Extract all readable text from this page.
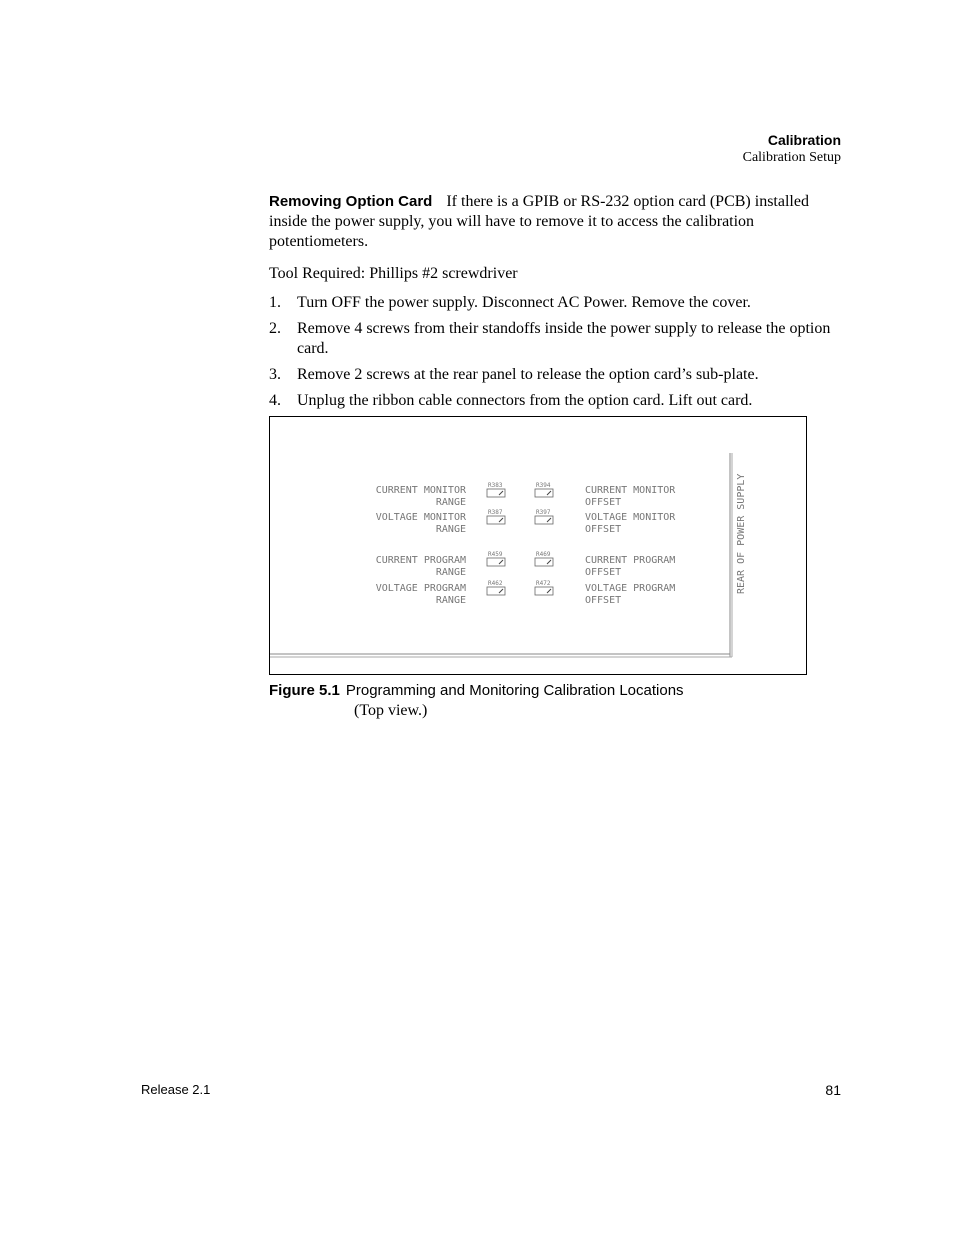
Calibration
Calibration Setup
Removing Option Card If there is a GPIB or RS-232 option card (PCB) installed inside the power supply, you will have to remove it to access the calibration potentiometers.
Tool Required: Phillips #2 screwdriver
1. Turn OFF the power supply. Disconnect AC Power. Remove the cover.
2. Remove 4 screws from their standoffs inside the power supply to release the option card.
3. Remove 2 screws at the rear panel to release the option card’s sub-plate.
4. Unplug the ribbon cable connectors from the option card. Lift out card.
CURRENT MONITOR
RANGE
VOLTAGE MONITOR
RANGE
CURRENT PROGRAM
RANGE
VOLTAGE PROGRAM
RANGE
CURRENT MONITOR
OFFSET
VOLTAGE MONITOR
OFFSET
CURRENT PROGRAM
OFFSET
VOLTAGE PROGRAM
OFFSET
R383
R387
R459
R462
R394
R397
R469
R472	REAR OF POWER SUPPLY
Figure 5.1 Programming and Monitoring Calibration Locations
(Top view.)
Release 2.1	81
